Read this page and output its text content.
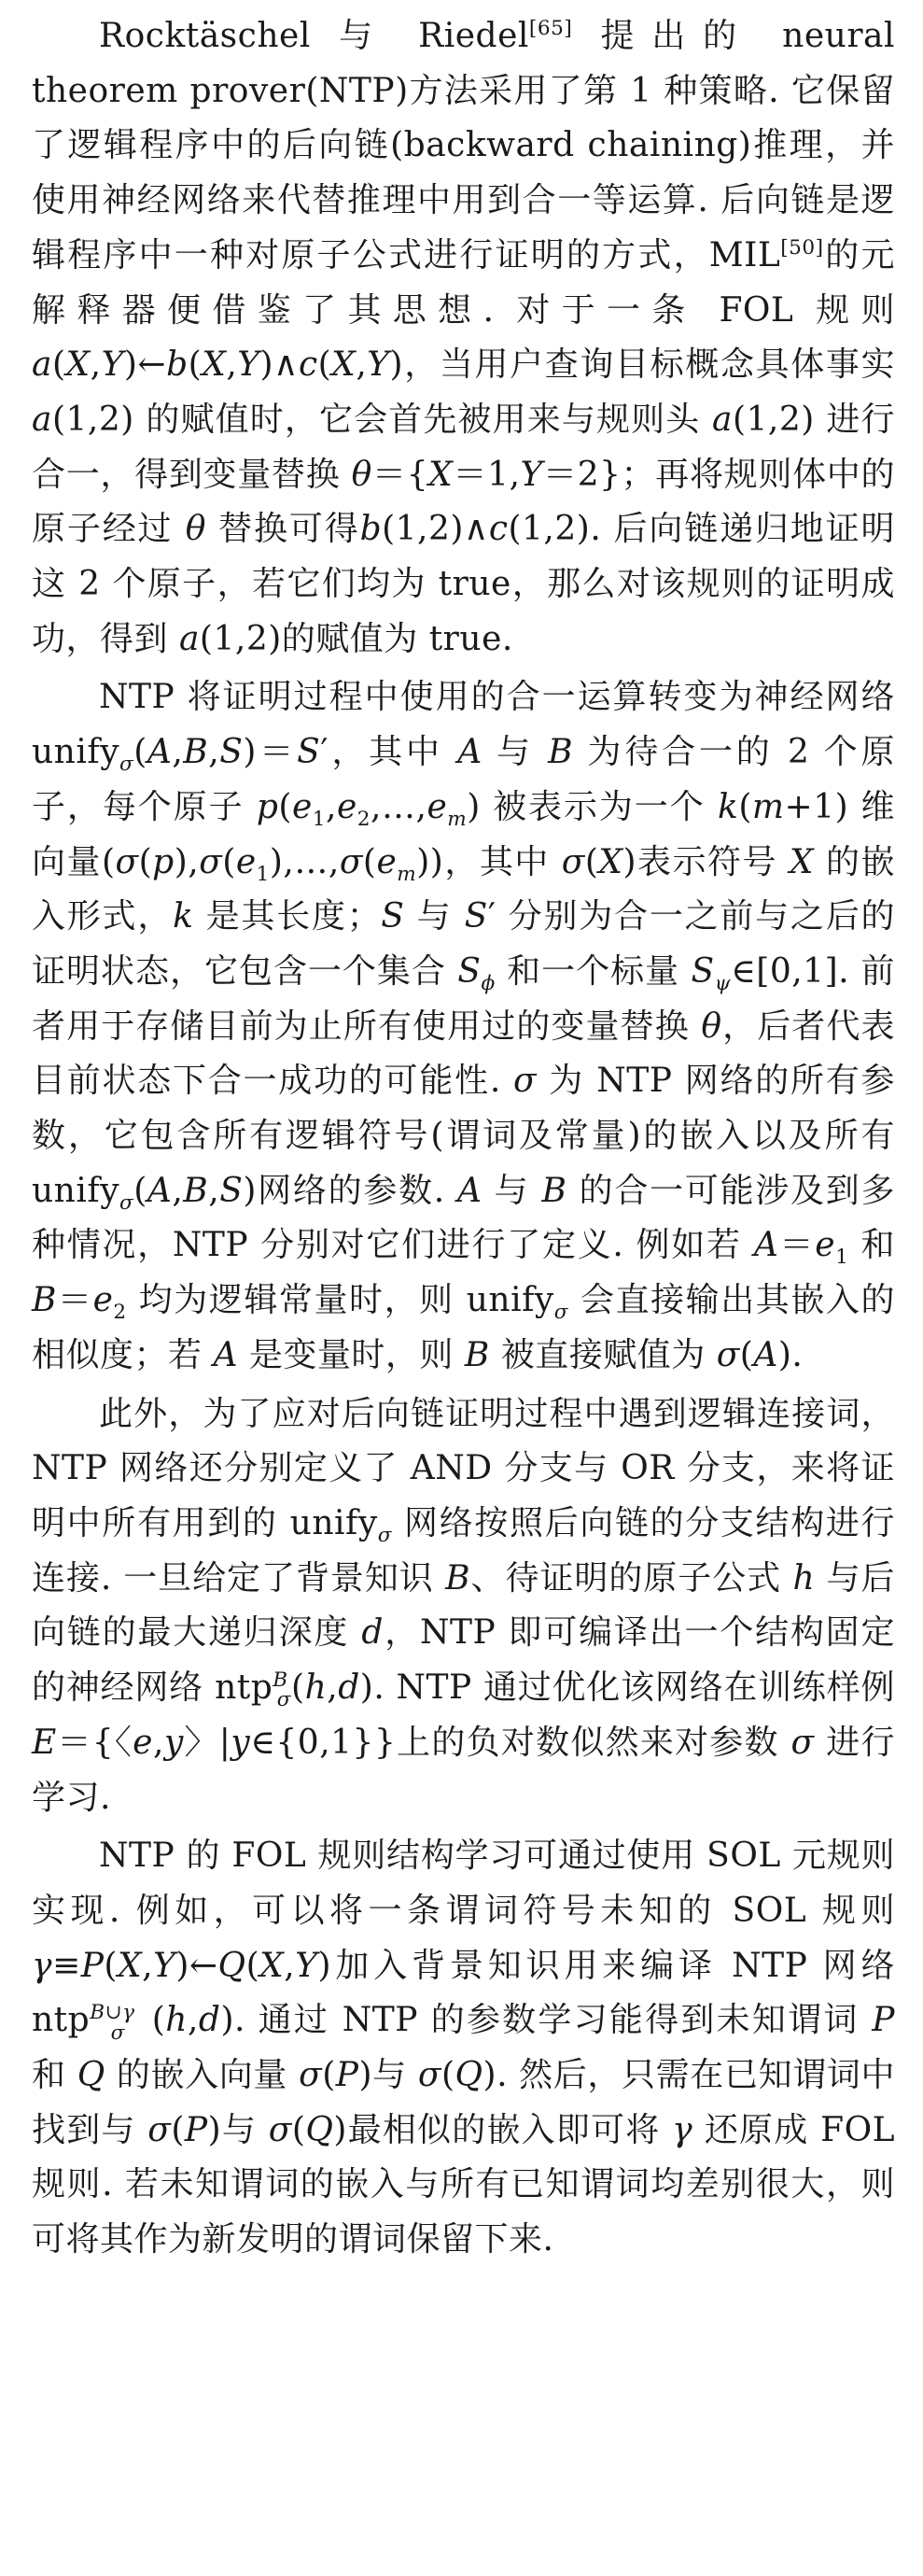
Rocktäschel 与 Riedel[65] 提出的 neural theorem prover(NTP)方法采用了第 1 种策略. 它保留了逻辑程序中的后向链(backward chaining)推理，并使用神经网络来代替推理中用到合一等运算. 后向链是逻辑程序中一种对原子公式进行证明的方式，MIL[50]的元解释器便借鉴了其思想. 对于一条 FOL 规则 a(X,Y)←b(X,Y)∧c(X,Y)，当用户查询目标概念具体事实 a(1,2) 的赋值时，它会首先被用来与规则头 a(1,2) 进行合一，得到变量替换 θ＝{X＝1,Y＝2}；再将规则体中的原子经过 θ 替换可得b(1,2)∧c(1,2). 后向链递归地证明这 2 个原子，若它们均为 true，那么对该规则的证明成功，得到 a(1,2)的赋值为 true.

NTP 将证明过程中使用的合一运算转变为神经网络 unify$_\sigma$(A,B,S)＝S′，其中 A 与 B 为待合一的 2 个原子，每个原子 $p(e_1,e_2,\dots,e_m)$ 被表示为一个 k(m+1) 维向量$(\sigma(p),\sigma(e_1),\dots,\sigma(e_m))$，其中 σ(X)表示符号 X 的嵌入形式，k 是其长度；S 与 S′ 分别为合一之前与之后的证明状态，它包含一个集合 $S_\phi$ 和一个标量 $S_\psi\in[0,1]$. 前者用于存储目前为止所有使用过的变量替换 θ，后者代表目前状态下合一成功的可能性. σ 为 NTP 网络的所有参数，它包含所有逻辑符号(谓词及常量)的嵌入以及所有 unify$_\sigma$(A,B,S)网络的参数. A 与 B 的合一可能涉及到多种情况，NTP 分别对它们进行了定义. 例如若 $A=e_1$ 和 $B=e_2$ 均为逻辑常量时，则 unify$_\sigma$ 会直接输出其嵌入的相似度；若 A 是变量时，则 B 被直接赋值为 σ(A).

此外，为了应对后向链证明过程中遇到逻辑连接词，NTP 网络还分别定义了 AND 分支与 OR 分支，来将证明中所有用到的 unify$_\sigma$ 网络按照后向链的分支结构进行连接. 一旦给定了背景知识 B、待证明的原子公式 h 与后向链的最大递归深度 d，NTP 即可编译出一个结构固定的神经网络 ntp$^B_\sigma$(h,d). NTP 通过优化该网络在训练样例 E＝{〈e,y〉|y∈{0,1}}上的负对数似然来对参数 σ 进行学习.

NTP 的 FOL 规则结构学习可通过使用 SOL 元规则实现. 例如，可以将一条谓词符号未知的 SOL 规则 γ≡P(X,Y)←Q(X,Y)加入背景知识用来编译 NTP 网络 ntp$^{B\cup\gamma}_\sigma$ (h,d). 通过 NTP 的参数学习能得到未知谓词 P 和 Q 的嵌入向量 σ(P)与 σ(Q). 然后，只需在已知谓词中找到与 σ(P)与 σ(Q)最相似的嵌入即可将 γ 还原成 FOL 规则. 若未知谓词的嵌入与所有已知谓词均差别很大，则可将其作为新发明的谓词保留下来.
